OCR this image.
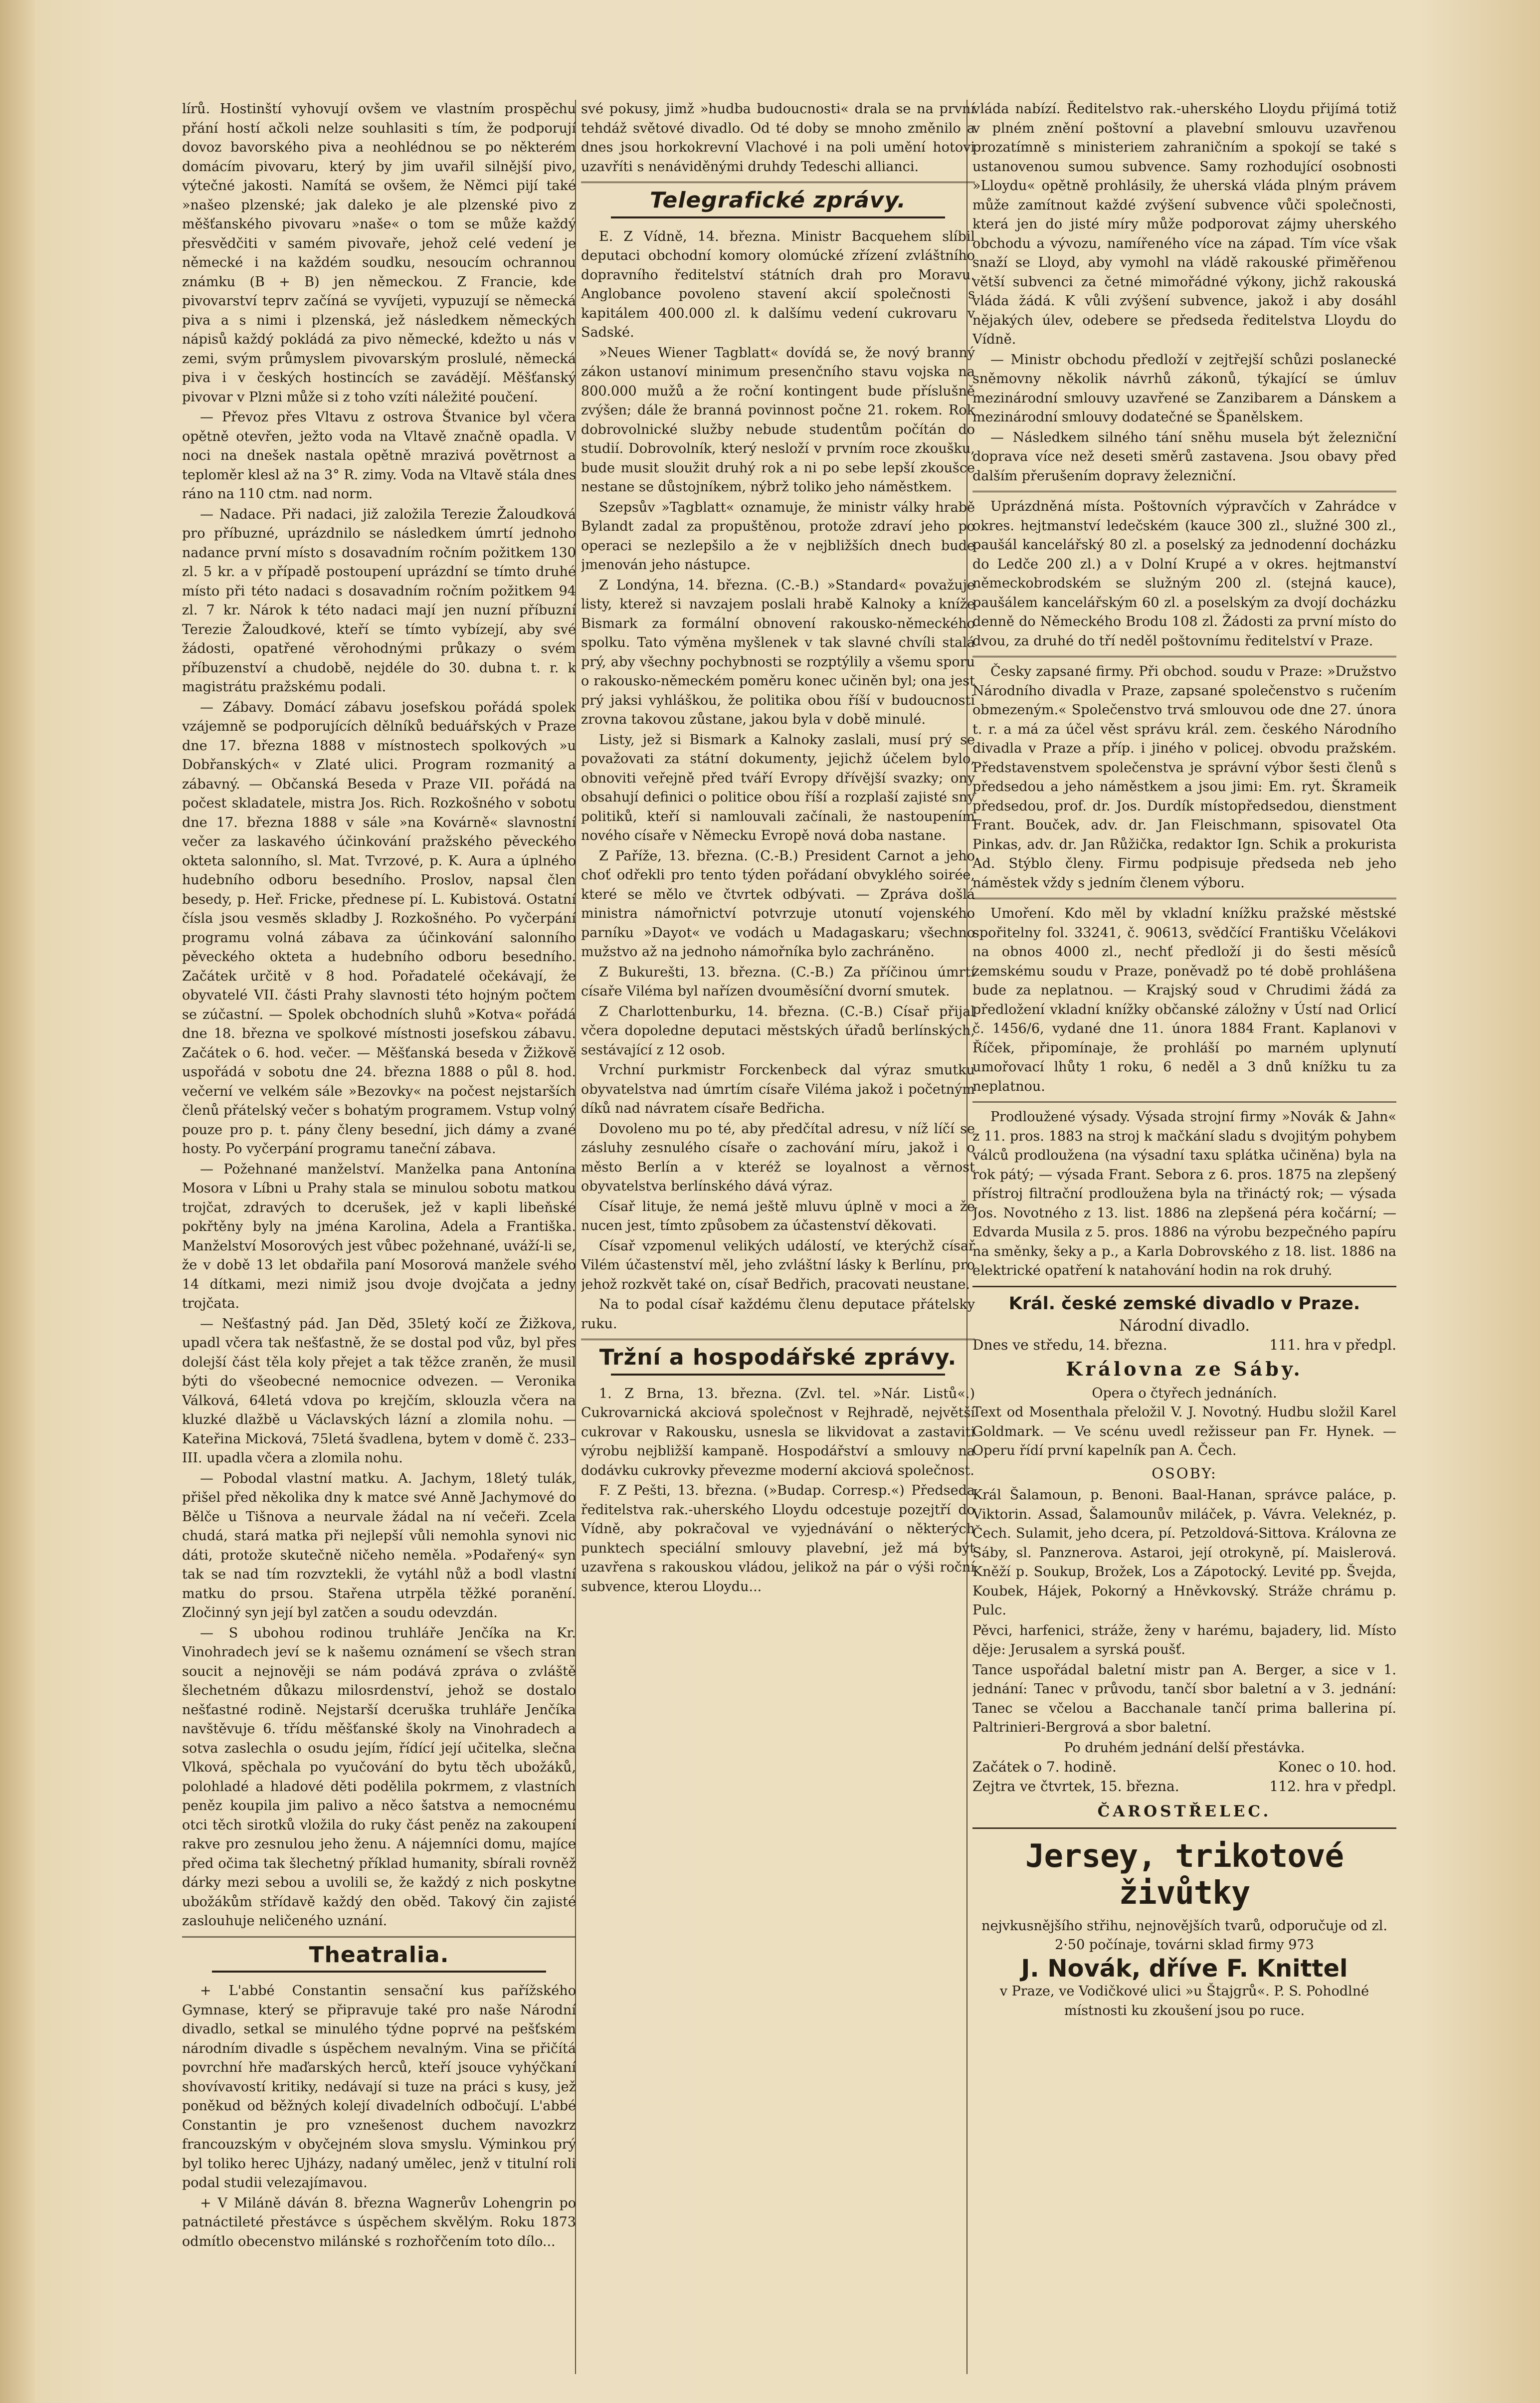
lírů. Hostinští vyhovují ovšem ve vlastním prospěchu přání hostí ačkoli nelze souhlasiti s tím, že podporují dovoz bavorského piva a neohlédnou se po některém domácím pivovaru, který by jim uvařil silnější pivo, výtečné jakosti. Namítá se ovšem, že Němci pijí také »našeo plzenské; jak daleko je ale plzenské pivo z měšťanského pivovaru »naše« o tom se může každý přesvědčiti v samém pivovaře, jehož celé vedení je německé i na každém soudku, nesoucím ochrannou známku (B + B) jen německou. Z Francie, kde pivovarství teprv začíná se vyvíjeti, vypuzují se německá piva a s nimi i plzenská, jež následkem německých nápisů každý pokládá za pivo německé, kdežto u nás v zemi, svým průmyslem pivovarským proslulé, německá piva i v českých hostincích se zavádějí. Měšťanský pivovar v Plzni může si z toho vzíti náležité poučení.

— Převoz přes Vltavu z ostrova Štvanice byl včera opětně otevřen, ježto voda na Vltavě značně opadla. V noci na dnešek nastala opětně mrazivá povětrnost a teploměr klesl až na 3° R. zimy. Voda na Vltavě stála dnes ráno na 110 ctm. nad norm.

— Nadace. Při nadaci, již založila Terezie Žaloudková pro příbuzné, uprázdnilo se následkem úmrtí jednoho nadance první místo s dosavadním ročním požitkem 130 zl. 5 kr. a v případě postoupení uprázdní se tímto druhé místo při této nadaci s dosavadním ročním požitkem 94 zl. 7 kr. Nárok k této nadaci mají jen nuzní příbuzní Terezie Žaloudkové, kteří se tímto vybízejí, aby své žádosti, opatřené věrohodnými průkazy o svém příbuzenství a chudobě, nejdéle do 30. dubna t. r. k magistrátu pražskému podali.

— Zábavy. Domácí zábavu josefskou pořádá spolek vzájemně se podporujících dělníků beduářských v Praze dne 17. března 1888 v místnostech spolkových »u Dobřanských« v Zlaté ulici. Program rozmanitý a zábavný. — Občanská Beseda v Praze VII. pořádá na počest skladatele, mistra Jos. Rich. Rozkošného v sobotu dne 17. března 1888 v sále »na Kovárně« slavnostní večer za laskavého účinkování pražského pěveckého okteta salonního, sl. Mat. Tvrzové, p. K. Aura a úplného hudebního odboru besedního. Proslov, napsal člen besedy, p. Heř. Fricke, přednese pí. L. Kubistová. Ostatní čísla jsou vesměs skladby J. Rozkošného. Po vyčerpání programu volná zábava za účinkování salonního pěveckého okteta a hudebního odboru besedního. Začátek určitě v 8 hod. Pořadatelé očekávají, že obyvatelé VII. části Prahy slavnosti této hojným počtem se zúčastní. — Spolek obchodních sluhů »Kotva« pořádá dne 18. března ve spolkové místnosti josefskou zábavu. Začátek o 6. hod. večer. — Měšťanská beseda v Žižkově uspořádá v sobotu dne 24. března 1888 o půl 8. hod. večerní ve velkém sále »Bezovky« na počest nejstarších členů přátelský večer s bohatým programem. Vstup volný pouze pro p. t. pány členy besední, jich dámy a zvané hosty. Po vyčerpání programu taneční zábava.

— Požehnané manželství. Manželka pana Antonína Mosora v Líbni u Prahy stala se minulou sobotu matkou trojčat, zdravých to dcerušek, jež v kapli libeňské pokřtěny byly na jména Karolina, Adela a Františka. Manželství Mosorových jest vůbec požehnané, uváží-li se, že v době 13 let obdařila paní Mosorová manžele svého 14 dítkami, mezi nimiž jsou dvoje dvojčata a jedny trojčata.

— Nešťastný pád. Jan Děd, 35letý kočí ze Žižkova, upadl včera tak nešťastně, že se dostal pod vůz, byl přes dolejší část těla koly přejet a tak těžce zraněn, že musil býti do všeobecné nemocnice odvezen. — Veronika Válková, 64letá vdova po krejčím, sklouzla včera na kluzké dlažbě u Václavských lázní a zlomila nohu. — Kateřina Micková, 75letá švadlena, bytem v domě č. 233–III. upadla včera a zlomila nohu.

— Pobodal vlastní matku. A. Jachym, 18letý tulák, přišel před několika dny k matce své Anně Jachymové do Bělče u Tišnova a neurvale žádal na ní večeři. Zcela chudá, stará matka při nejlepší vůli nemohla synovi nic dáti, protože skutečně ničeho neměla. »Podařený« syn tak se nad tím rozvztekli, že vytáhl nůž a bodl vlastní matku do prsou. Stařena utrpěla těžké poranění. Zločinný syn její byl zatčen a soudu odevzdán.

— S ubohou rodinou truhláře Jenčíka na Kr. Vinohradech jeví se k našemu oznámení se všech stran soucit a nejnověji se nám podává zpráva o zvláště šlechetném důkazu milosrdenství, jehož se dostalo nešťastné rodině. Nejstarší dceruška truhláře Jenčíka navštěvuje 6. třídu měšťanské školy na Vinohradech a sotva zaslechla o osudu jejím, řídící její učitelka, slečna Vlková, spěchala po vyučování do bytu těch ubožáků, polohladé a hladové děti podělila pokrmem, z vlastních peněz koupila jim palivo a něco šatstva a nemocnému otci těch sirotků vložila do ruky část peněz na zakoupení rakve pro zesnulou jeho ženu. A nájemníci domu, majíce před očima tak šlechetný příklad humanity, sbírali rovněž dárky mezi sebou a uvolili se, že každý z nich poskytne ubožákům střídavě každý den oběd. Takový čin zajisté zaslouhuje neličeného uznání.

Theatralia.

+ L'abbé Constantin sensační kus pařížského Gymnase, který se připravuje také pro naše Národní divadlo, setkal se minulého týdne poprvé na pešťském národním divadle s úspěchem nevalným. Vina se přičítá povrchní hře maďarských herců, kteří jsouce vyhýčkaní shovívavostí kritiky, nedávají si tuze na práci s kusy, jež poněkud od běžných kolejí divadelních odbočují. L'abbé Constantin je pro vznešenost duchem navozkrz francouzským v obyčejném slova smyslu. Výminkou prý byl toliko herec Ujházy, nadaný umělec, jenž v titulní roli podal studii velezajímavou.

+ V Miláně dáván 8. března Wagnerův Lohengrin po patnáctileté přestávce s úspěchem skvělým. Roku 1873 odmítlo obecenstvo milánské s rozhořčením toto dílo...

své pokusy, jimž »hudba budoucnosti« drala se na první tehdáž světové divadlo. Od té doby se mnoho změnilo a dnes jsou horkokrevní Vlachové i na poli umění hotovi uzavříti s nenáviděnými druhdy Tedeschi allianci.

Telegrafické zprávy.

E. Z Vídně, 14. března. Ministr Bacquehem slíbil deputaci obchodní komory olomúcké zřízení zvláštního dopravního ředitelství státních drah pro Moravu. Anglobance povoleno stavení akcií společnosti s kapitálem 400.000 zl. k dalšímu vedení cukrovaru v Sadské.

»Neues Wiener Tagblatt« dovídá se, že nový branný zákon ustanoví minimum presenčního stavu vojska na 800.000 mužů a že roční kontingent bude příslušně zvýšen; dále že branná povinnost počne 21. rokem. Rok dobrovolnické služby nebude studentům počítán do studií. Dobrovolník, který nesloží v prvním roce zkoušku, bude musit sloužit druhý rok a ni po sebe lepší zkoušce nestane se důstojníkem, nýbrž toliko jeho náměstkem.

Szepsův »Tagblatt« oznamuje, že ministr války hrabě Bylandt zadal za propuštěnou, protože zdraví jeho po operaci se nezlepšilo a že v nejbližších dnech bude jmenován jeho nástupce.

Z Londýna, 14. března. (C.-B.) »Standard« považuje listy, kterež si navzajem poslali hrabě Kalnoky a kníže Bismark za formální obnovení rakousko-německého spolku. Tato výměna myšlenek v tak slavné chvíli stalá prý, aby všechny pochybnosti se rozptýlily a všemu sporu o rakousko-německém poměru konec učiněn byl; ona jest prý jaksi vyhláškou, že politika obou říší v budoucnosti zrovna takovou zůstane, jakou byla v době minulé.

Listy, jež si Bismark a Kalnoky zaslali, musí prý se považovati za státní dokumenty, jejichž účelem bylo, obnoviti veřejně před tváří Evropy dřívější svazky; ony obsahují definici o politice obou říší a rozplaší zajisté sny politiků, kteří si namlouvali začínali, že nastoupením nového císaře v Německu Evropě nová doba nastane.

Z Paříže, 13. března. (C.-B.) President Carnot a jeho choť odřekli pro tento týden pořádaní obvyklého soirée, které se mělo ve čtvrtek odbývati. — Zpráva došlá ministra námořnictví potvrzuje utonutí vojenského parníku »Dayot« ve vodách u Madagaskaru; všechno mužstvo až na jednoho námořníka bylo zachráněno.

Z Bukurešti, 13. března. (C.-B.) Za příčinou úmrtí císaře Viléma byl nařízen dvouměsíční dvorní smutek.

Z Charlottenburku, 14. března. (C.-B.) Císař přijal včera dopoledne deputaci městských úřadů berlínských, sestávající z 12 osob.

Vrchní purkmistr Forckenbeck dal výraz smutku obyvatelstva nad úmrtím císaře Viléma jakož i početným díků nad návratem císaře Bedřicha.

Dovoleno mu po té, aby předčítal adresu, v níž líčí se zásluhy zesnulého císaře o zachování míru, jakož i o město Berlín a v kteréž se loyalnost a věrnost obyvatelstva berlínského dává výraz.

Císař lituje, že nemá ještě mluvu úplně v moci a že nucen jest, tímto způsobem za účastenství děkovati.

Císař vzpomenul velikých událostí, ve kterýchž císař Vilém účastenství měl, jeho zvláštní lásky k Berlínu, pro jehož rozkvět také on, císař Bedřich, pracovati neustane.

Na to podal císař každému členu deputace přátelsky ruku.

Tržní a hospodářské zprávy.

1. Z Brna, 13. března. (Zvl. tel. »Nár. Listů«.) Cukrovarnická akciová společnost v Rejhradě, největší cukrovar v Rakousku, usnesla se likvidovat a zastaviti výrobu nejbližší kampaně. Hospodářství a smlouvy na dodávku cukrovky převezme moderní akciová společnost.

F. Z Pešti, 13. března. (»Budap. Corresp.«) Předseda ředitelstva rak.-uherského Lloydu odcestuje pozejtří do Vídně, aby pokračoval ve vyjednávání o některých punktech speciální smlouvy plavební, jež má být uzavřena s rakouskou vládou, jelikož na pár o výši roční subvence, kterou Lloydu...

vláda nabízí. Ředitelstvo rak.-uherského Lloydu přijímá totiž v plném znění poštovní a plavební smlouvu uzavřenou prozatímně s ministeriem zahraničním a spokojí se také s ustanovenou sumou subvence. Samy rozhodující osobnosti »Lloydu« opětně prohlásily, že uherská vláda plným právem může zamítnout každé zvýšení subvence vůči společnosti, která jen do jisté míry může podporovat zájmy uherského obchodu a vývozu, namířeného více na západ. Tím více však snaží se Lloyd, aby vymohl na vládě rakouské přiměřenou větší subvenci za četné mimořádné výkony, jichž rakouská vláda žádá. K vůli zvýšení subvence, jakož i aby dosáhl nějakých úlev, odebere se předseda ředitelstva Lloydu do Vídně.

— Ministr obchodu předloží v zejtřejší schůzi poslanecké sněmovny několik návrhů zákonů, týkající se úmluv mezinárodní smlouvy uzavřené se Zanzibarem a Dánskem a mezinárodní smlouvy dodatečné se Španělskem.

— Následkem silného tání sněhu musela být železniční doprava více než deseti směrů zastavena. Jsou obavy před dalším přerušením dopravy železniční.

Uprázdněná místa. Poštovních výpravčích v Zahrádce v okres. hejtmanství ledečském (kauce 300 zl., služné 300 zl., paušál kancelářský 80 zl. a poselský za jednodenní docházku do Ledče 200 zl.) a v Dolní Krupé a v okres. hejtmanství německobrodském se služným 200 zl. (stejná kauce), paušálem kancelářským 60 zl. a poselským za dvojí docházku denně do Německého Brodu 108 zl. Žádosti za první místo do dvou, za druhé do tří neděl poštovnímu ředitelství v Praze.

Česky zapsané firmy. Při obchod. soudu v Praze: »Družstvo Národního divadla v Praze, zapsané společenstvo s ručením obmezeným.« Společenstvo trvá smlouvou ode dne 27. února t. r. a má za účel věst správu král. zem. českého Národního divadla v Praze a příp. i jiného v policej. obvodu pražském. Představenstvem společenstva je správní výbor šesti členů s předsedou a jeho náměstkem a jsou jimi: Em. ryt. Škrameik předsedou, prof. dr. Jos. Durdík místopředsedou, dienstment Frant. Bouček, adv. dr. Jan Fleischmann, spisovatel Ota Pinkas, adv. dr. Jan Růžička, redaktor Ign. Schik a prokurista Ad. Stýblo členy. Firmu podpisuje předseda neb jeho náměstek vždy s jedním členem výboru.

Umoření. Kdo měl by vkladní knížku pražské městské spořitelny fol. 33241, č. 90613, svědčící Františku Včelákovi na obnos 4000 zl., nechť předloží ji do šesti měsíců zemskému soudu v Praze, poněvadž po té době prohlášena bude za neplatnou. — Krajský soud v Chrudimi žádá za předložení vkladní knížky občanské záložny v Ústí nad Orlicí č. 1456/6, vydané dne 11. února 1884 Frant. Kaplanovi v Říček, připomínaje, že prohláší po marném uplynutí umořovací lhůty 1 roku, 6 neděl a 3 dnů knížku tu za neplatnou.

Prodloužené výsady. Výsada strojní firmy »Novák & Jahn« z 11. pros. 1883 na stroj k mačkání sladu s dvojitým pohybem válců prodloužena (na výsadní taxu splátka učiněna) byla na rok pátý; — výsada Frant. Sebora z 6. pros. 1875 na zlepšený přístroj filtrační prodloužena byla na třináctý rok; — výsada Jos. Novotného z 13. list. 1886 na zlepšená péra kočární; — Edvarda Musila z 5. pros. 1886 na výrobu bezpečného papíru na směnky, šeky a p., a Karla Dobrovského z 18. list. 1886 na elektrické opatření k natahování hodin na rok druhý.

Král. české zemské divadlo v Praze.
Národní divadlo.
Dnes ve středu, 14. března.	111. hra v předpl.
Královna ze Sáby.
Opera o čtyřech jednáních.

Text od Mosenthala přeložil V. J. Novotný. Hudbu složil Karel Goldmark. — Ve scénu uvedl režisseur pan Fr. Hynek. — Operu řídí první kapelník pan A. Čech.

OSOBY:

Král Šalamoun, p. Benoni. Baal-Hanan, správce paláce, p. Viktorin. Assad, Šalamounův miláček, p. Vávra. Veleknéz, p. Čech. Sulamit, jeho dcera, pí. Petzoldová-Sittova. Královna ze Sáby, sl. Panznerova. Astaroi, její otrokyně, pí. Maislerová. Kněží p. Soukup, Brožek, Los a Zápotocký. Levité pp. Švejda, Koubek, Hájek, Pokorný a Hněvkovský. Stráže chrámu p. Pulc.

Pěvci, harfenici, stráže, ženy v harému, bajadery, lid. Místo děje: Jerusalem a syrská poušť.

Tance uspořádal baletní mistr pan A. Berger, a sice v 1. jednání: Tanec v průvodu, tančí sbor baletní a v 3. jednání: Tanec se včelou a Bacchanale tančí prima ballerina pí. Paltrinieri-Bergrová a sbor baletní.

Po druhém jednání delší přestávka.
Začátek o 7. hodině.	Konec o 10. hod.
Zejtra ve čtvrtek, 15. března.	112. hra v předpl.
ČAROSTŘELEC.
Jersey, trikotové živůtky
nejvkusnějšího střihu, nejnovějších tvarů, odporučuje od zl. 2·50 počínaje, továrni sklad firmy 973
J. Novák, dříve F. Knittel
v Praze, ve Vodičkové ulici »u Štajgrů«. P. S. Pohodlné místnosti ku zkoušení jsou po ruce.
